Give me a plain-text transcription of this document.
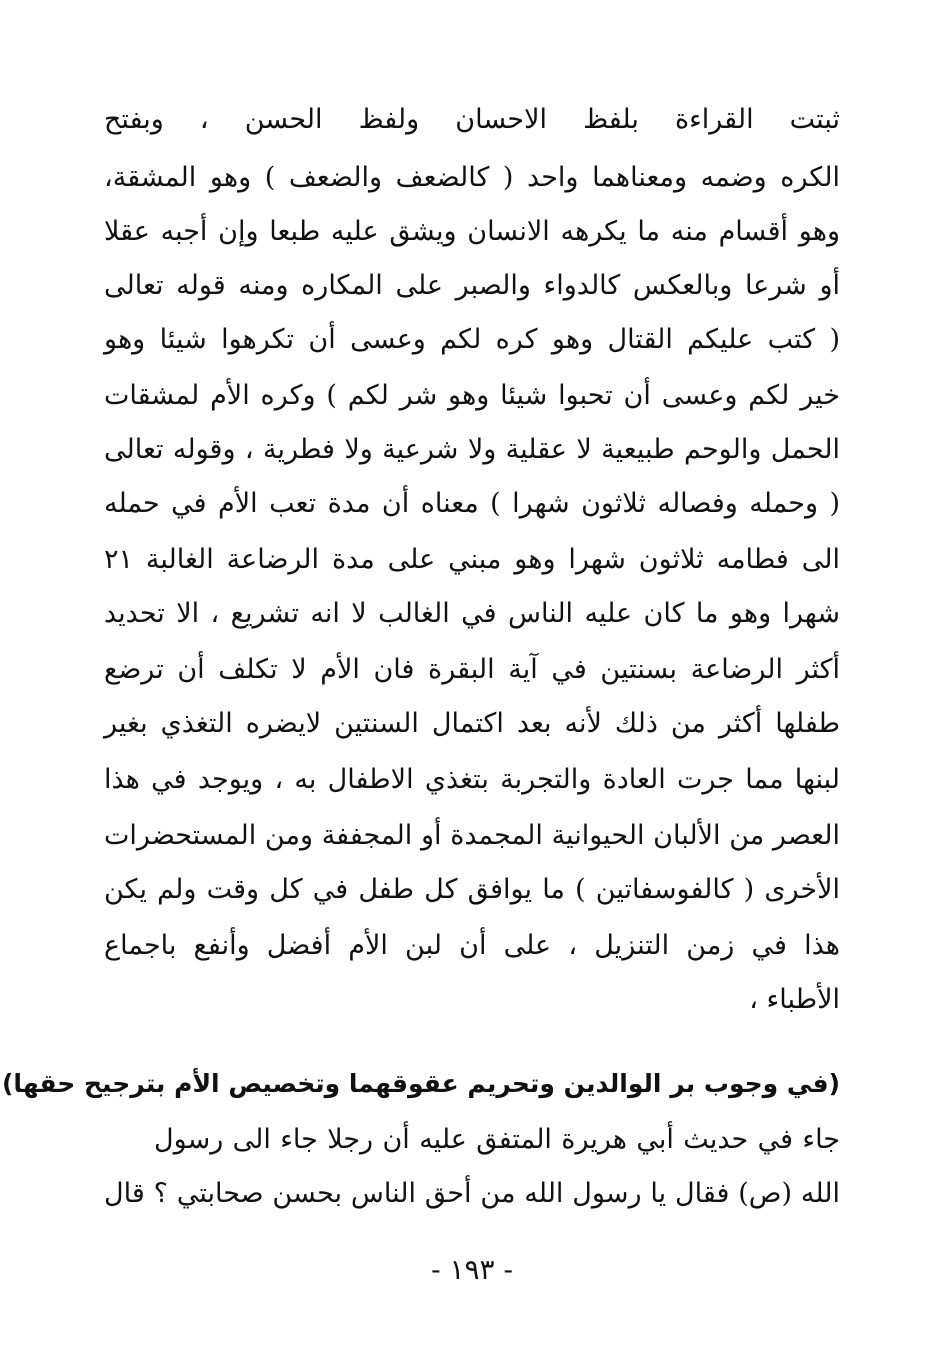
ثبتت القراءة بلفظ الاحسان ولفظ الحسن ، وبفتح
الكره وضمه ومعناهما واحد ( كالضعف والضعف ) وهو المشقة،
وهو أقسام منه ما يكرهه الانسان ويشق عليه طبعا وإن أجبه عقلا
أو شرعا وبالعكس كالدواء والصبر على المكاره ومنه قوله تعالى
( كتب عليكم القتال وهو كره لكم وعسى أن تكرهوا شيئا وهو
خير لكم وعسى أن تحبوا شيئا وهو شر لكم ) وكره الأم لمشقات
الحمل والوحم طبيعية لا عقلية ولا شرعية ولا فطرية ، وقوله تعالى
( وحمله وفصاله ثلاثون شهرا ) معناه أن مدة تعب الأم في حمله
الى فطامه ثلاثون شهرا وهو مبني على مدة الرضاعة الغالبة ٢١
شهرا وهو ما كان عليه الناس في الغالب لا انه تشريع ، الا تحديد
أكثر الرضاعة بسنتين في آية البقرة فان الأم لا تكلف أن ترضع
طفلها أكثر من ذلك لأنه بعد اكتمال السنتين لايضره التغذي بغير
لبنها مما جرت العادة والتجربة بتغذي الاطفال به ، ويوجد في هذا
العصر من الألبان الحيوانية المجمدة أو المجففة ومن المستحضرات
الأخرى ( كالفوسفاتين ) ما يوافق كل طفل في كل وقت ولم يكن
هذا في زمن التنزيل ، على أن لبن الأم أفضل وأنفع باجماع
الأطباء ،
(في وجوب بر الوالدين وتحريم عقوقهما وتخصيص الأم بترجيح حقها)
جاء في حديث أبي هريرة المتفق عليه أن رجلا جاء الى رسول
الله (ص) فقال يا رسول الله من أحق الناس بحسن صحابتي ؟ قال
- ١٩٣ -
